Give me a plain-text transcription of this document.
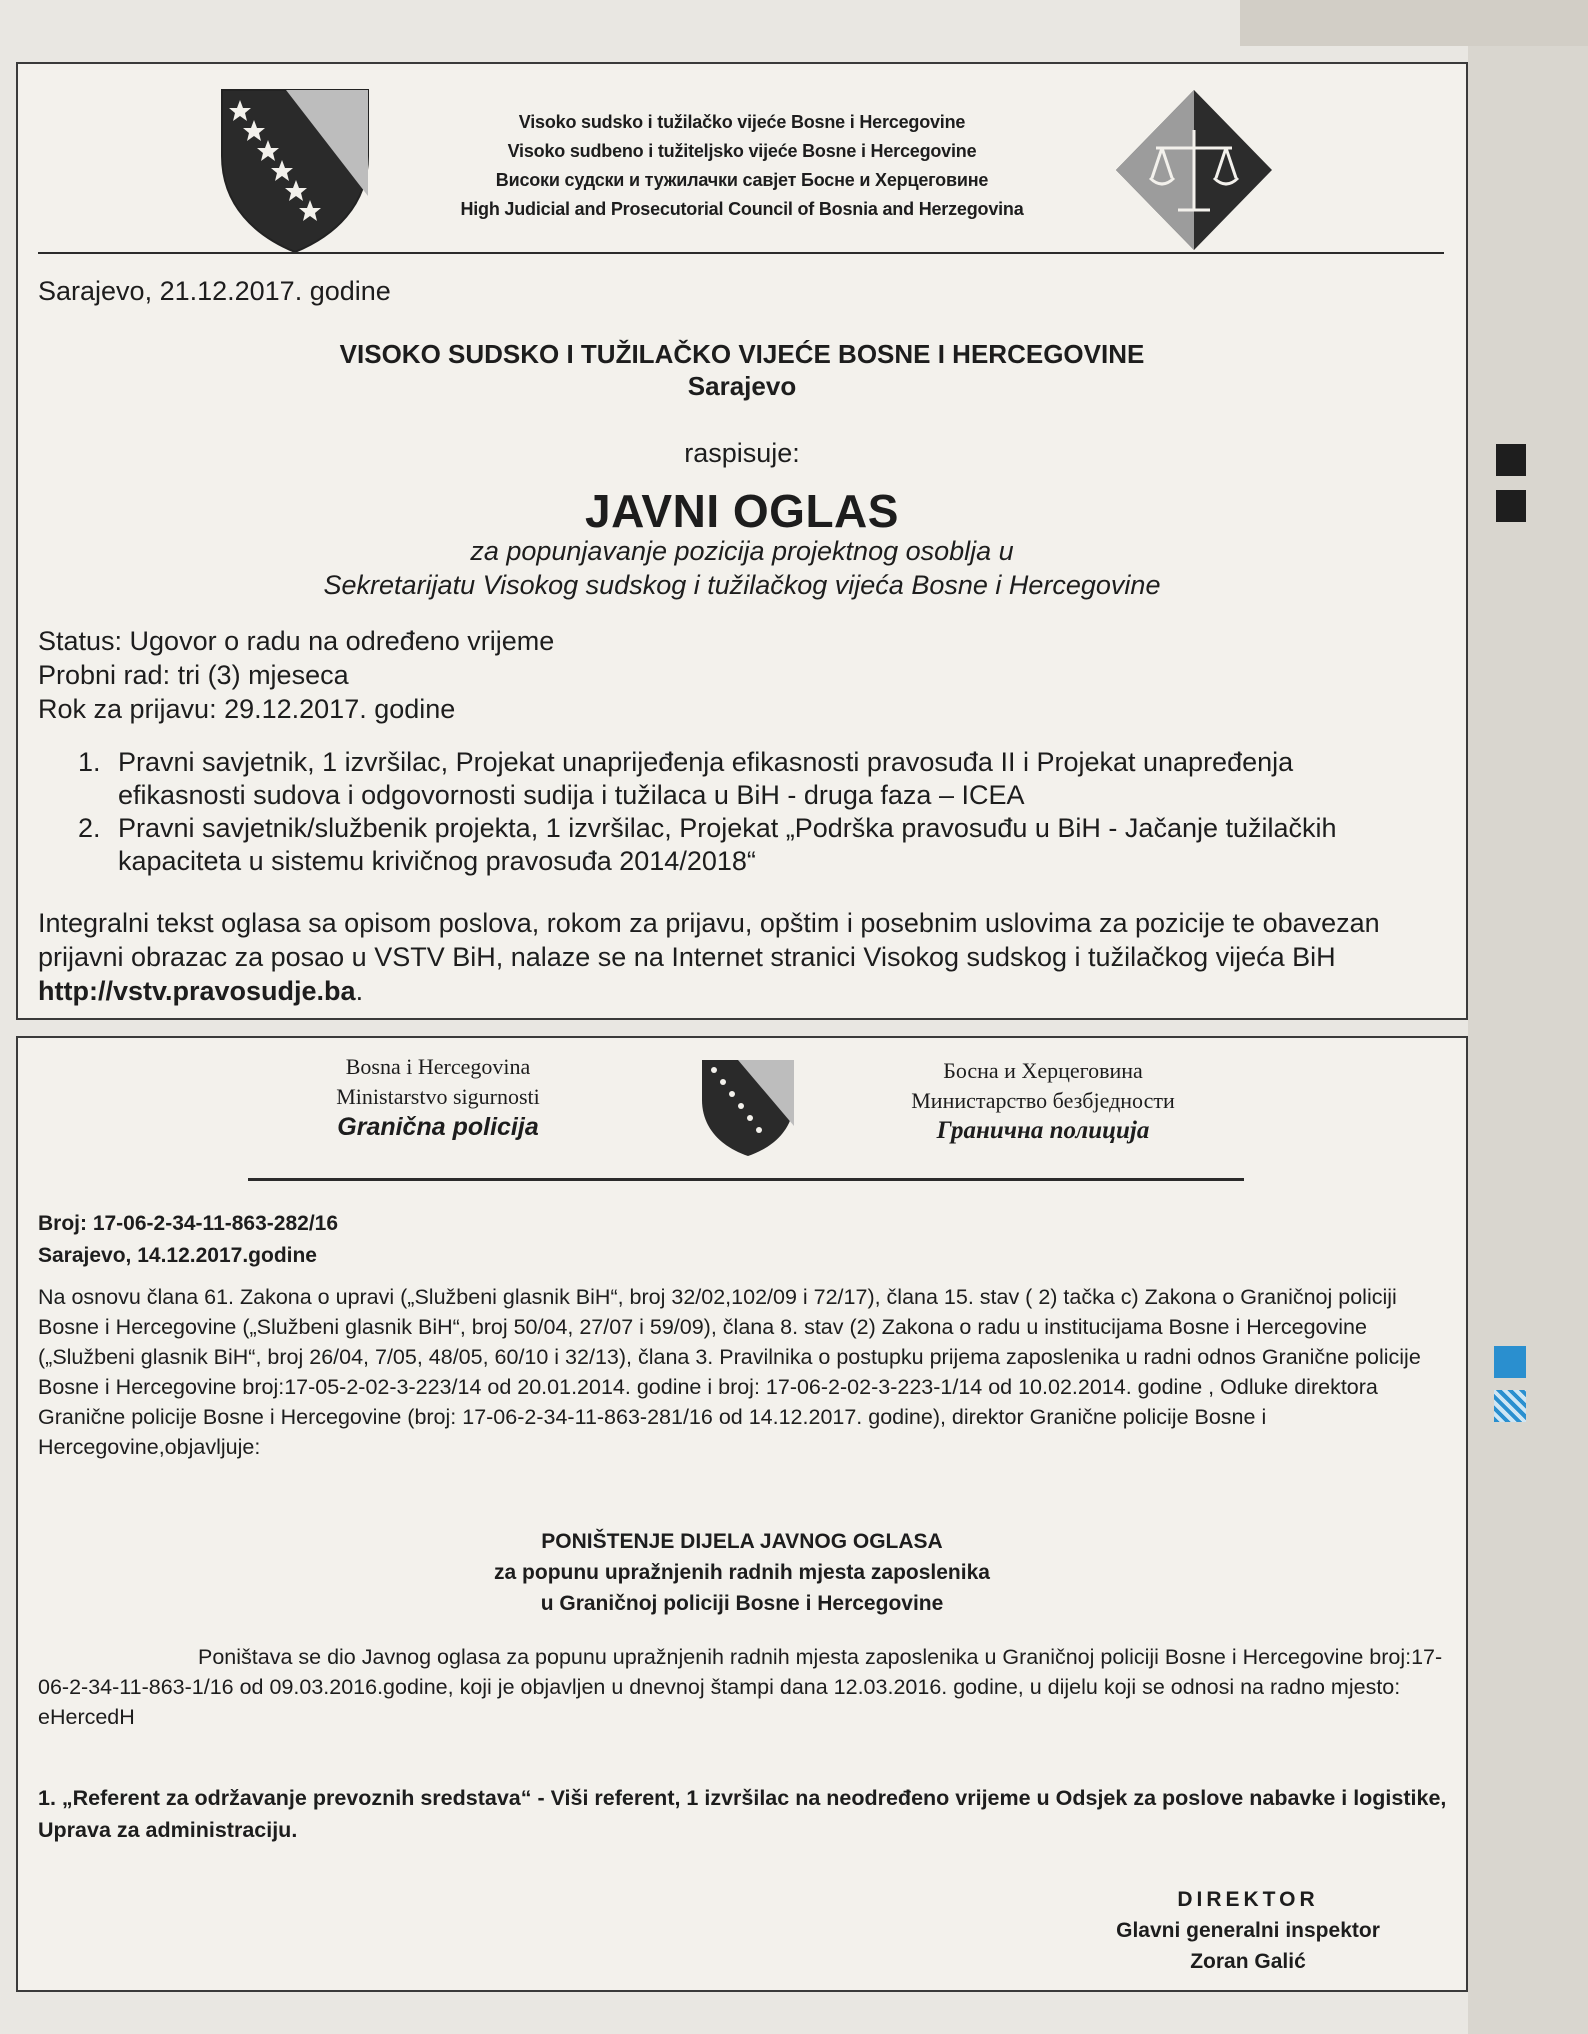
Visoko sudsko i tužilačko vijeće Bosne i Hercegovine
Visoko sudbeno i tužiteljsko vijeće Bosne i Hercegovine
Високи судски и тужилачки савјет Босне и Херцеговине
High Judicial and Prosecutorial Council of Bosnia and Herzegovina
Sarajevo, 21.12.2017. godine
VISOKO SUDSKO I TUŽILAČKO VIJEĆE BOSNE I HERCEGOVINE
Sarajevo
raspisuje:
JAVNI OGLAS
za popunjavanje pozicija projektnog osoblja u
Sekretarijatu Visokog sudskog i tužilačkog vijeća Bosne i Hercegovine
Status: Ugovor o radu na određeno vrijeme
Probni rad: tri (3) mjeseca
Rok za prijavu: 29.12.2017. godine
1. Pravni savjetnik, 1 izvršilac, Projekat unaprijeđenja efikasnosti pravosuđa II i Projekat unapređenja efikasnosti sudova i odgovornosti sudija i tužilaca u BiH - druga faza – ICEA
2. Pravni savjetnik/službenik projekta, 1 izvršilac, Projekat „Podrška pravosuđu u BiH - Jačanje tužilačkih kapaciteta u sistemu krivičnog pravosuđa 2014/2018“
Integralni tekst oglasa sa opisom poslova, rokom za prijavu, opštim i posebnim uslovima za pozicije te obavezan prijavni obrazac za posao u VSTV BiH, nalaze se na Internet stranici Visokog sudskog i tužilačkog vijeća BiH http://vstv.pravosudje.ba.
Bosna i Hercegovina
Ministarstvo sigurnosti
Granična policija
Босна и Херцеговина
Министарство безбједности
Гранична полиција
Broj: 17-06-2-34-11-863-282/16
Sarajevo, 14.12.2017.godine
Na osnovu člana 61. Zakona o upravi („Službeni glasnik BiH“, broj 32/02,102/09 i 72/17), člana 15. stav ( 2) tačka c) Zakona o Graničnoj policiji Bosne i Hercegovine („Službeni glasnik BiH“, broj 50/04, 27/07 i 59/09), člana 8. stav (2) Zakona o radu u institucijama Bosne i Hercegovine („Službeni glasnik BiH“, broj 26/04, 7/05, 48/05, 60/10 i 32/13), člana 3. Pravilnika o postupku prijema zaposlenika u radni odnos Granične policije Bosne i Hercegovine broj:17-05-2-02-3-223/14 od 20.01.2014. godine i broj: 17-06-2-02-3-223-1/14 od 10.02.2014. godine , Odluke direktora Granične policije Bosne i Hercegovine (broj: 17-06-2-34-11-863-281/16 od 14.12.2017. godine), direktor Granične policije Bosne i Hercegovine,objavljuje:
PONIŠTENJE DIJELA JAVNOG OGLASA
za popunu upražnjenih radnih mjesta zaposlenika
u Graničnoj policiji Bosne i Hercegovine
Poništava se dio Javnog oglasa za popunu upražnjenih radnih mjesta zaposlenika u Graničnoj policiji Bosne i Hercegovine broj:17-06-2-34-11-863-1/16 od 09.03.2016.godine, koji je objavljen u dnevnoj štampi dana 12.03.2016. godine, u dijelu koji se odnosi na radno mjesto:
eHercedH
1. „Referent za održavanje prevoznih sredstava“ - Viši referent, 1 izvršilac na neodređeno vrijeme u Odsjek za poslove nabavke i logistike, Uprava za administraciju.
DIREKTOR
Glavni generalni inspektor
Zoran Galić
